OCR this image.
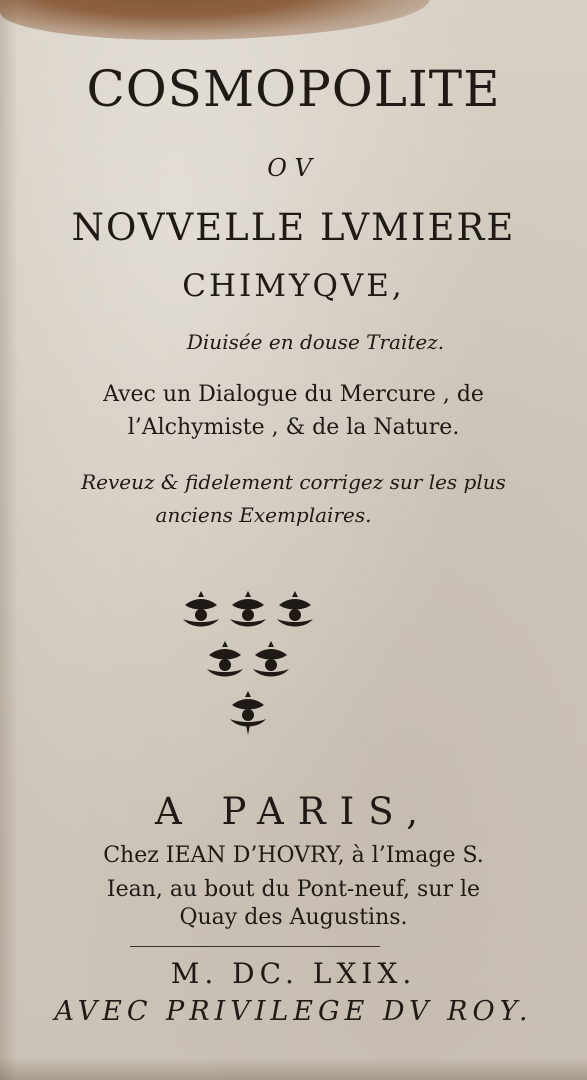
COSMOPOLITE
OV
NOVVELLE LVMIERE
CHIMYQVE,
Diuisée en douse Traitez.
Avec un Dialogue du Mercure , de
l’Alchymiste , & de la Nature.
Reveuz & fidelement corrigez sur les plus
anciens Exemplaires.
A PARIS,
Chez IEAN D’HOVRY, à l’Image S.
Iean, au bout du Pont-neuf, sur le
Quay des Augustins.
M. DC. LXIX.
AVEC PRIVILEGE DV ROY.
